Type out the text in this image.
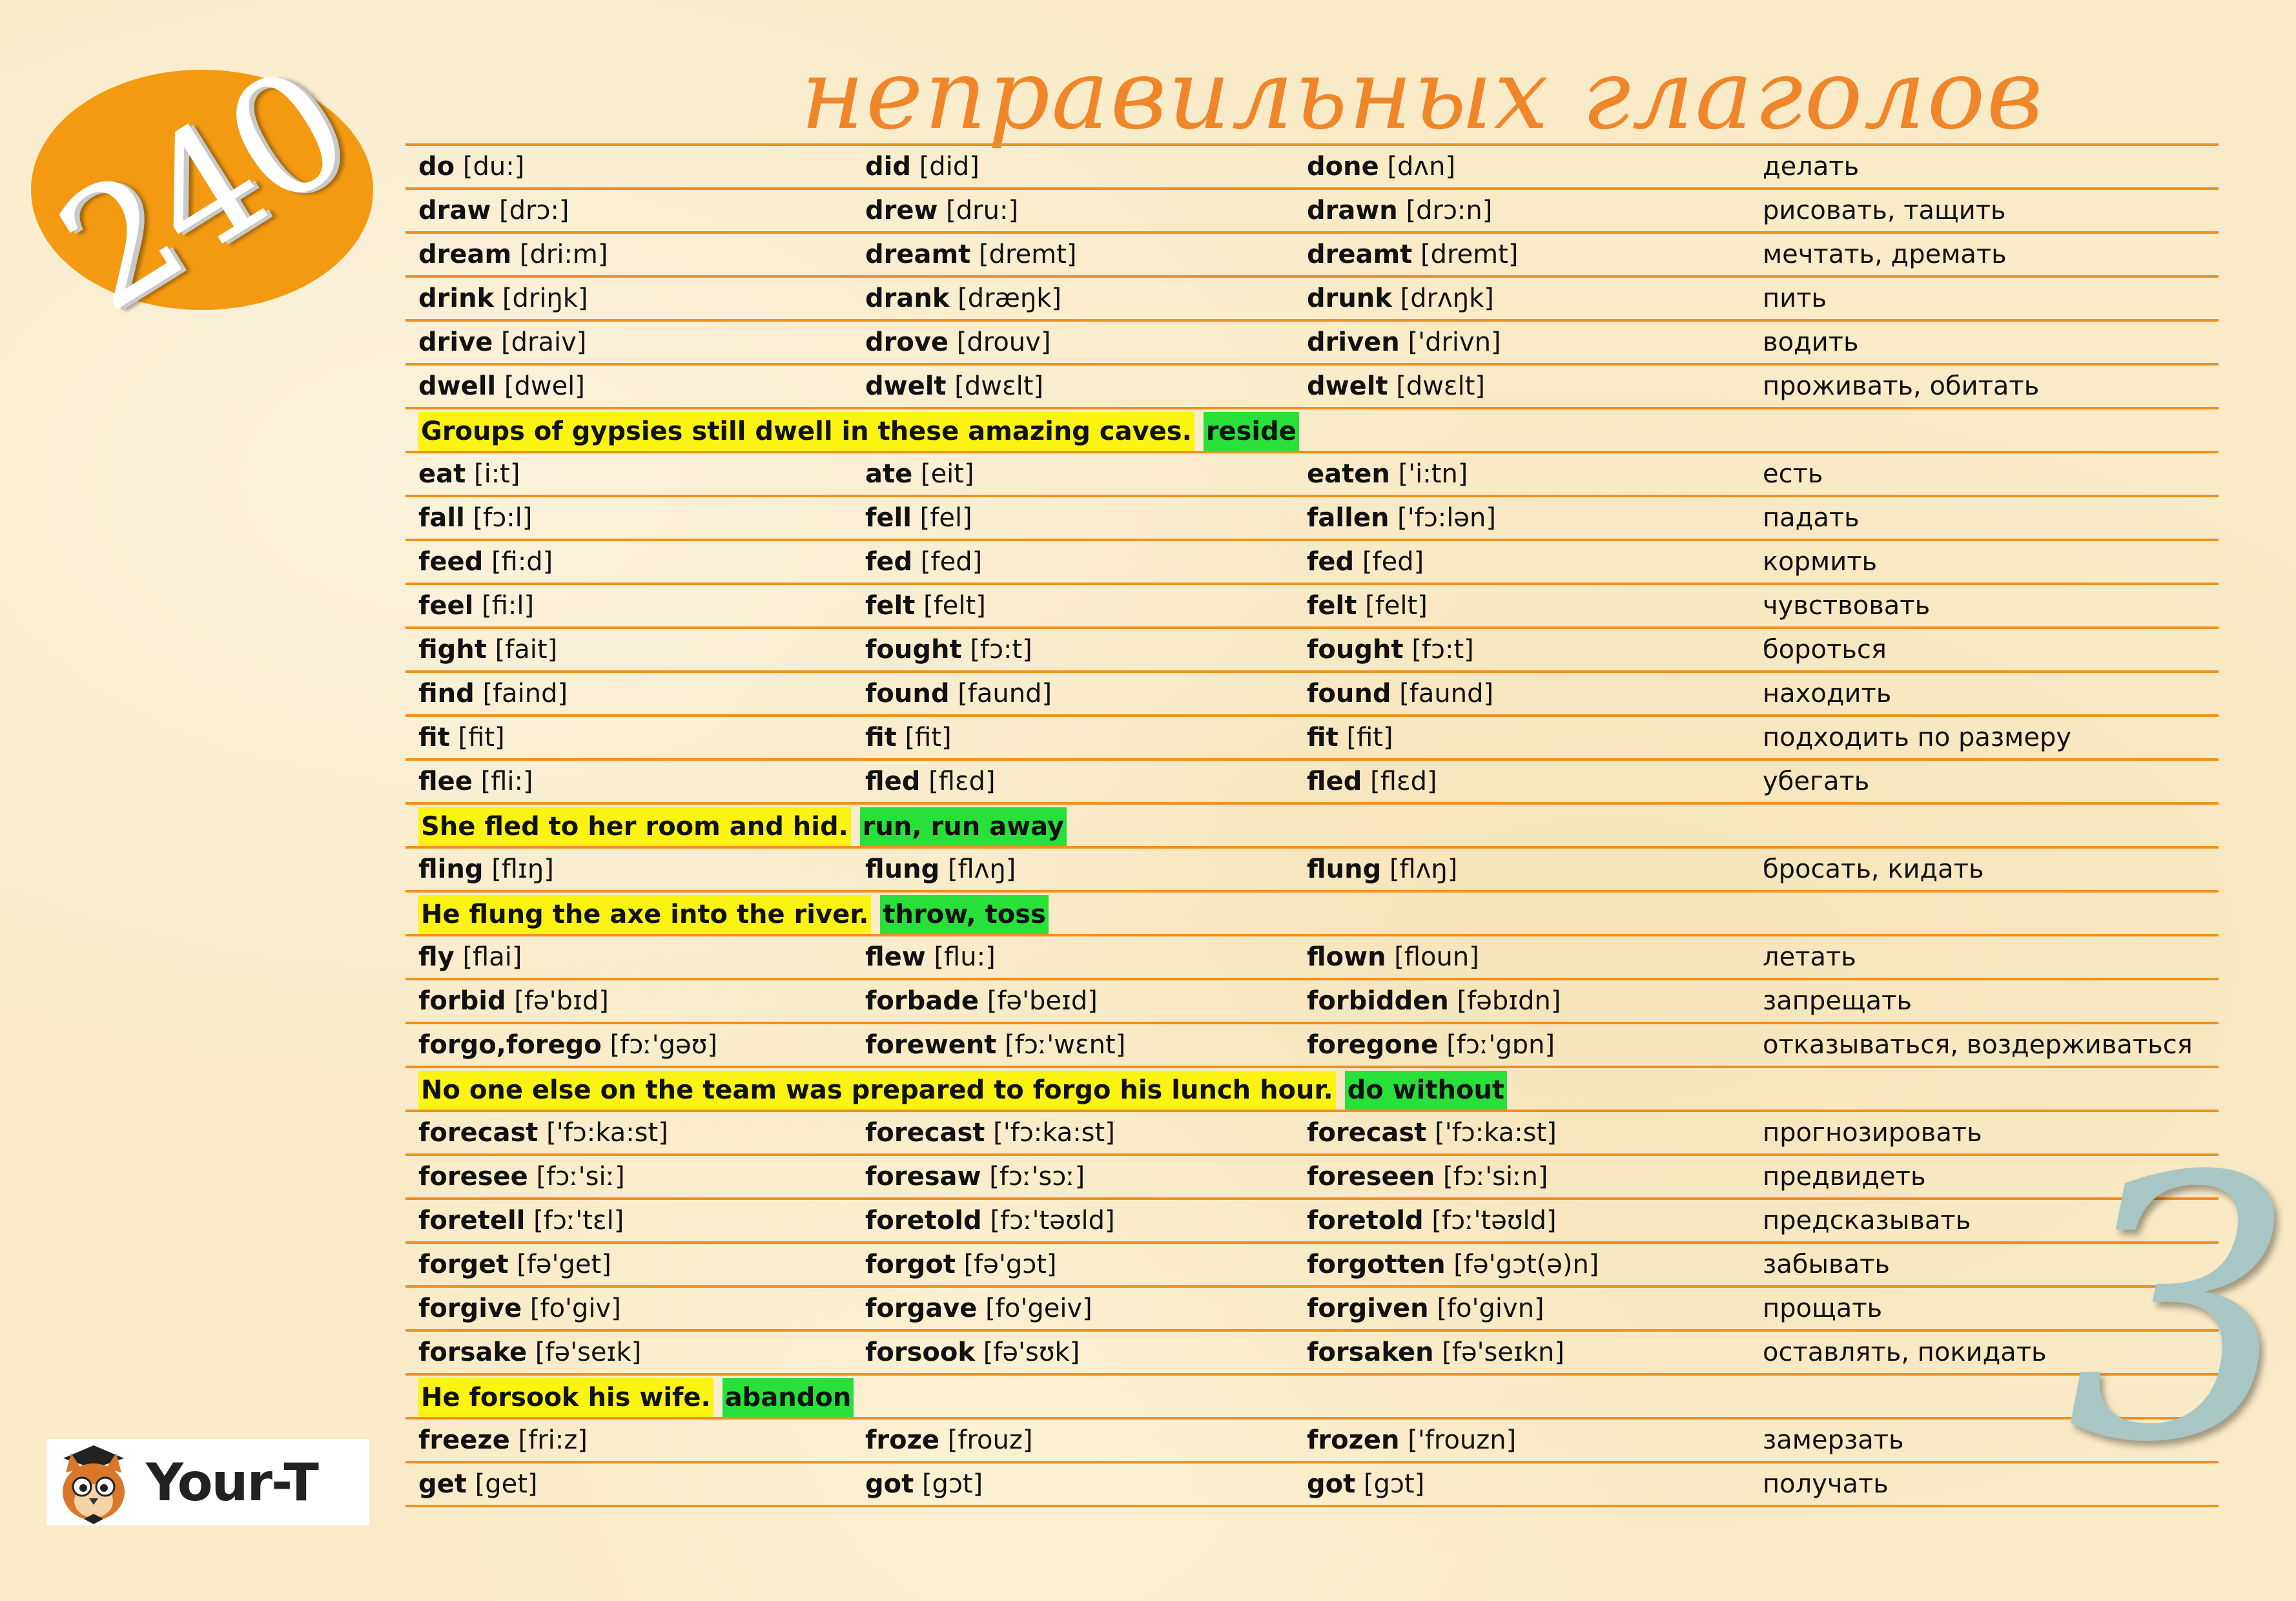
240	неправильных глаголов
do [du:]	did [did]	done [dʌn]	делать
draw [drɔ:]	drew [dru:]	drawn [drɔ:n]	рисовать, тащить
dream [dri:m]	dreamt [dremt]	dreamt [dremt]	мечтать, дремать
drink [driŋk]	drank [dræŋk]	drunk [drʌŋk]	пить
drive [draiv]	drove [drouv]	driven ['drivn]	водить
dwell [dwel]	dwelt [dwɛlt]	dwelt [dwɛlt]	проживать, обитать
Groups of gypsies still dwell in these amazing caves. reside
eat [i:t]	ate [eit]	eaten ['i:tn]	есть
fall [fɔ:l]	fell [fel]	fallen ['fɔ:lən]	падать
feed [fi:d]	fed [fed]	fed [fed]	кормить
feel [fi:l]	felt [felt]	felt [felt]	чувствовать
fight [fait]	fought [fɔ:t]	fought [fɔ:t]	бороться
find [faind]	found [faund]	found [faund]	находить
fit [fit]	fit [fit]	fit [fit]	подходить по размеру
flee [fli:]	fled [flɛd]	fled [flɛd]	убегать
She fled to her room and hid. run, run away
fling [flɪŋ]	flung [flʌŋ]	flung [flʌŋ]	бросать, кидать
He flung the axe into the river. throw, toss
fly [flai]	flew [flu:]	flown [floun]	летать
forbid [fə'bɪd]	forbade [fə'beɪd]	forbidden [fəbɪdn]	запрещать
forgo,forego [fɔː'gəʊ]	forewent [fɔː'wɛnt]	foregone [fɔː'gɒn]	отказываться, воздерживаться
No one else on the team was prepared to forgo his lunch hour. do without
forecast ['fɔ:ka:st]	forecast ['fɔ:ka:st]	forecast ['fɔ:ka:st]	прогнозировать
foresee [fɔː'siː]	foresaw [fɔː'sɔː]	foreseen [fɔː'siːn]	предвидеть
foretell [fɔː'tɛl]	foretold [fɔː'təʊld]	foretold [fɔː'təʊld]	предсказывать
forget [fə'get]	forgot [fə'gɔt]	forgotten [fə'gɔt(ə)n]	забывать
forgive [fo'giv]	forgave [fo'geiv]	forgiven [fo'givn]	прощать
forsake [fə'seɪk]	forsook [fə'sʊk]	forsaken [fə'seɪkn]	оставлять, покидать
He forsook his wife. abandon
freeze [fri:z]	froze [frouz]	frozen ['frouzn]	замерзать
get [get]	got [gɔt]	got [gɔt]	получать 3
Your-T
